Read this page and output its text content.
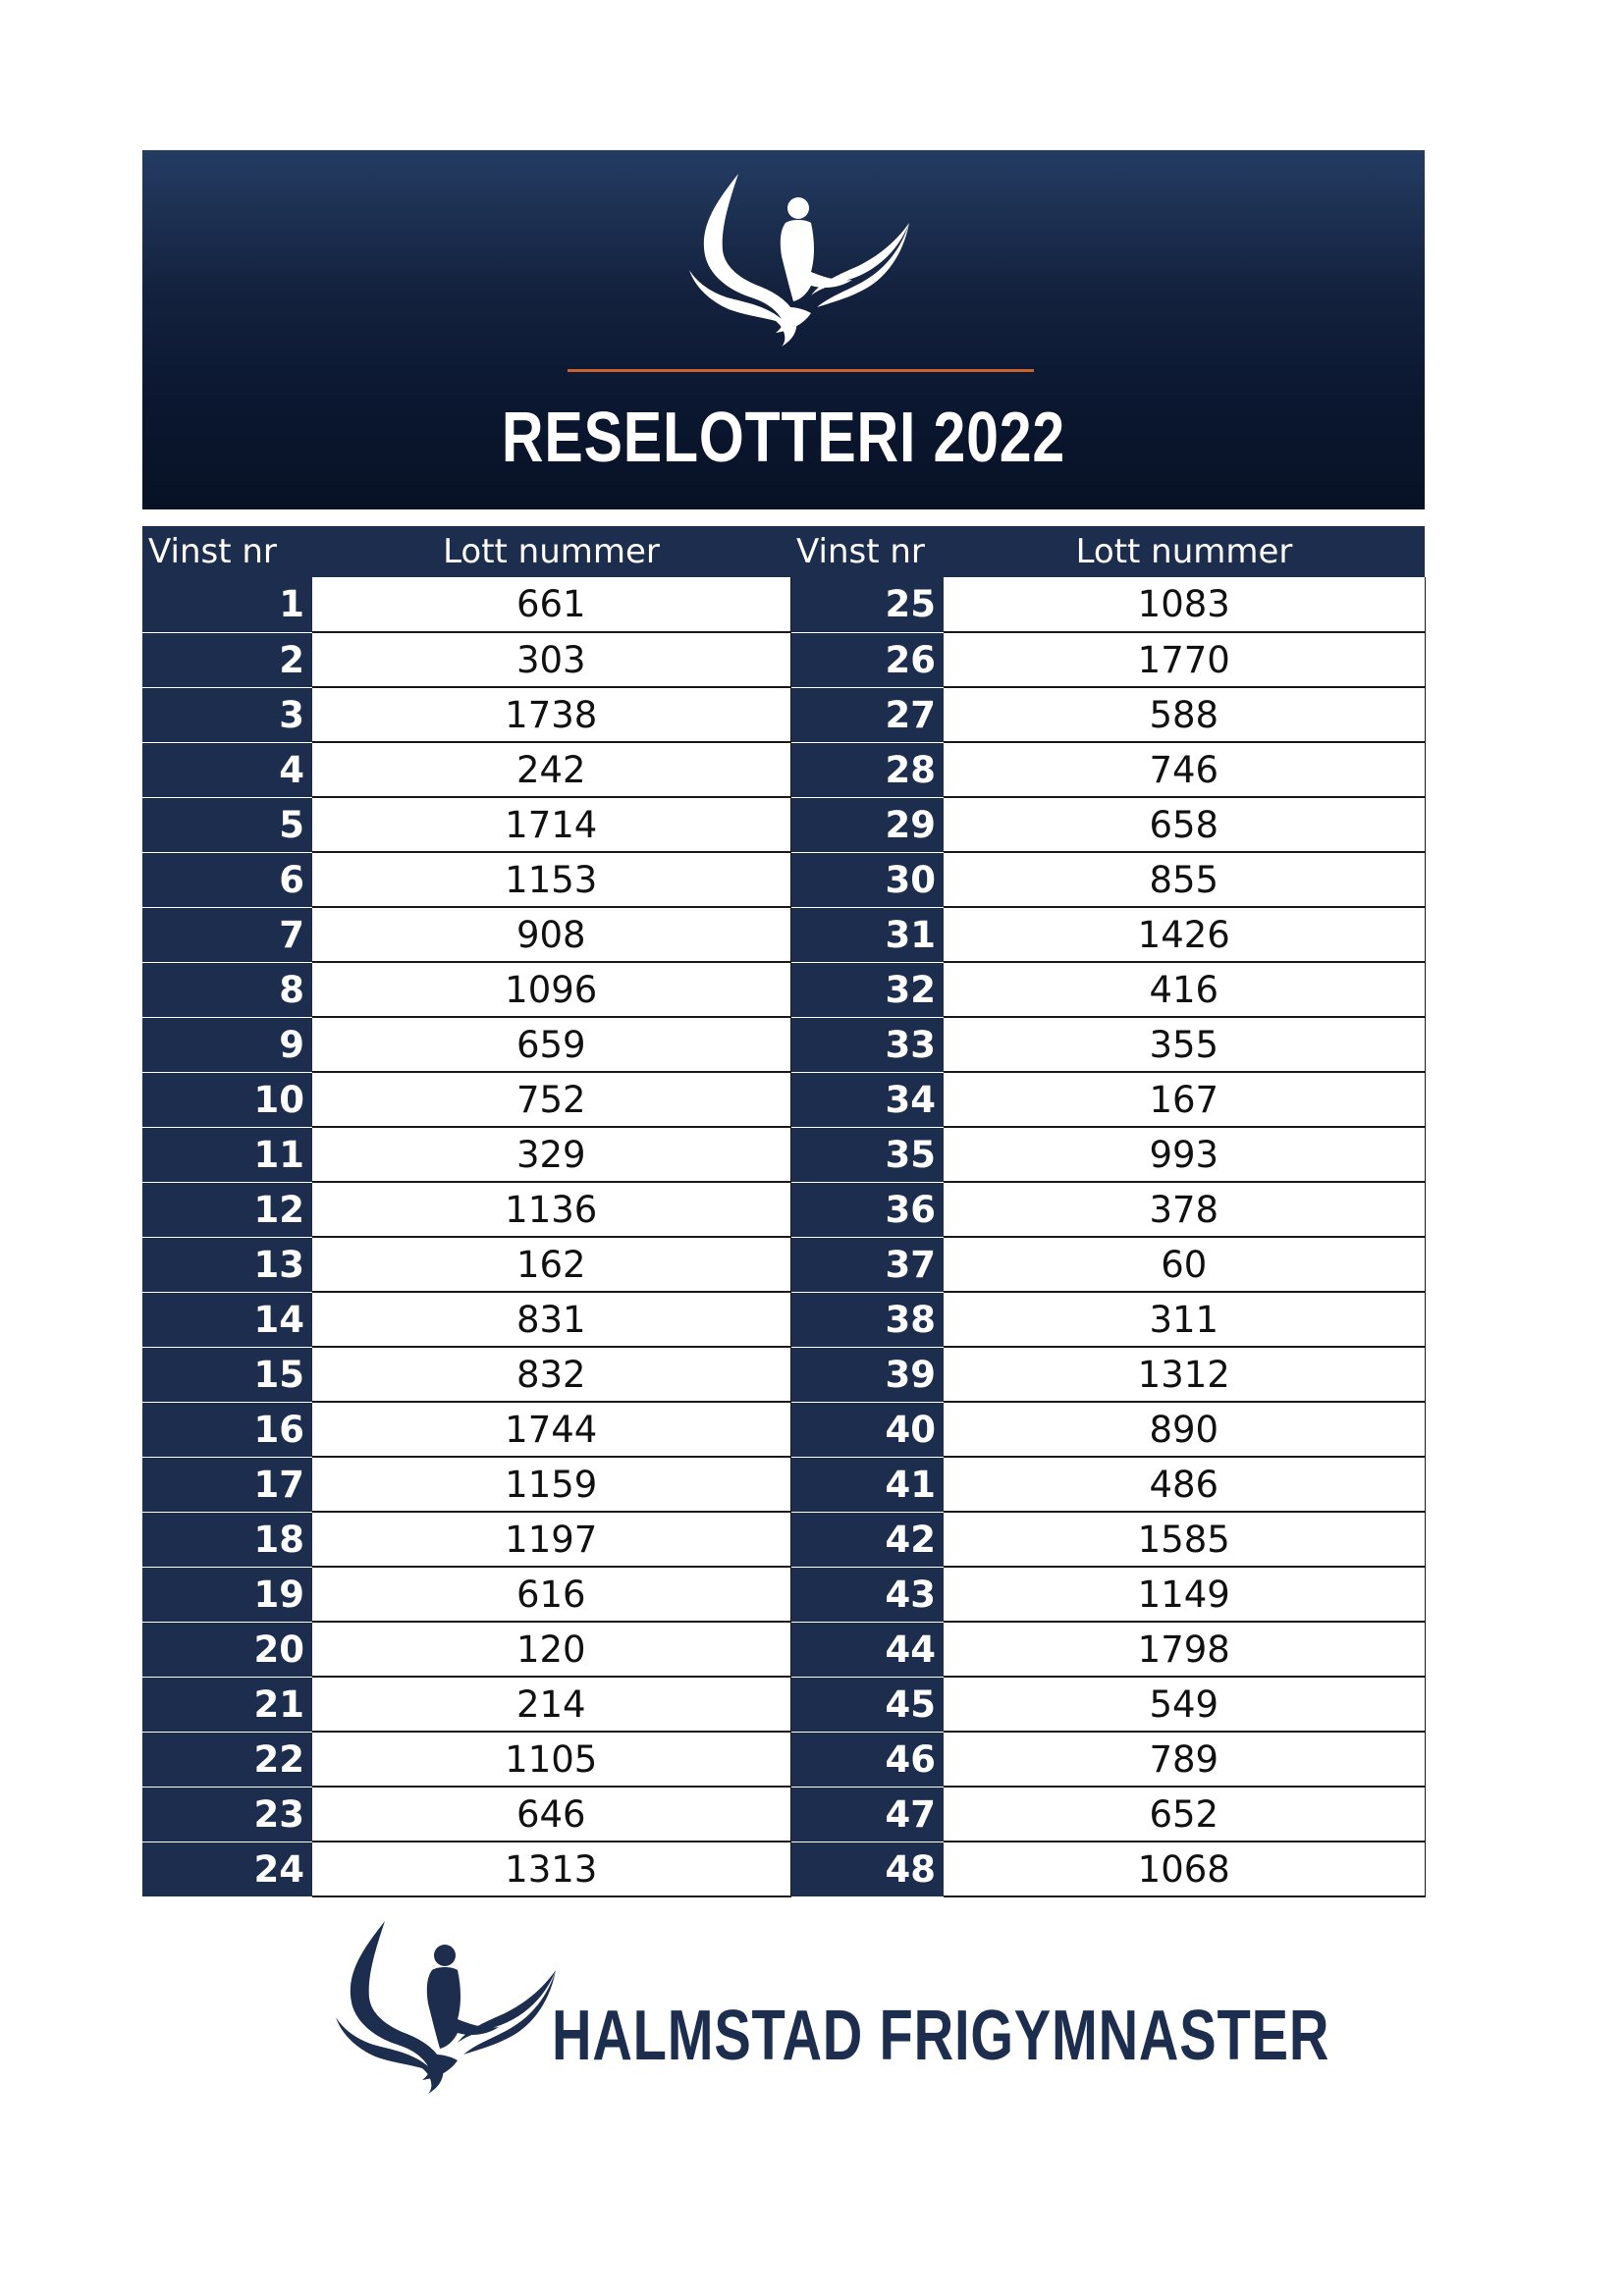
RESELOTTERI 2022
Vinst nr	Lott nummer	Vinst nr	Lott nummer
1	661	25	1083
2	303	26	1770
3	1738	27	588
4	242	28	746
5	1714	29	658
6	1153	30	855
7	908	31	1426
8	1096	32	416
9	659	33	355
10	752	34	167
11	329	35	993
12	1136	36	378
13	162	37	60
14	831	38	311
15	832	39	1312
16	1744	40	890
17	1159	41	486
18	1197	42	1585
19	616	43	1149
20	120	44	1798
21	214	45	549
22	1105	46	789
23	646	47	652
24	1313	48	1068
HALMSTAD FRIGYMNASTER
